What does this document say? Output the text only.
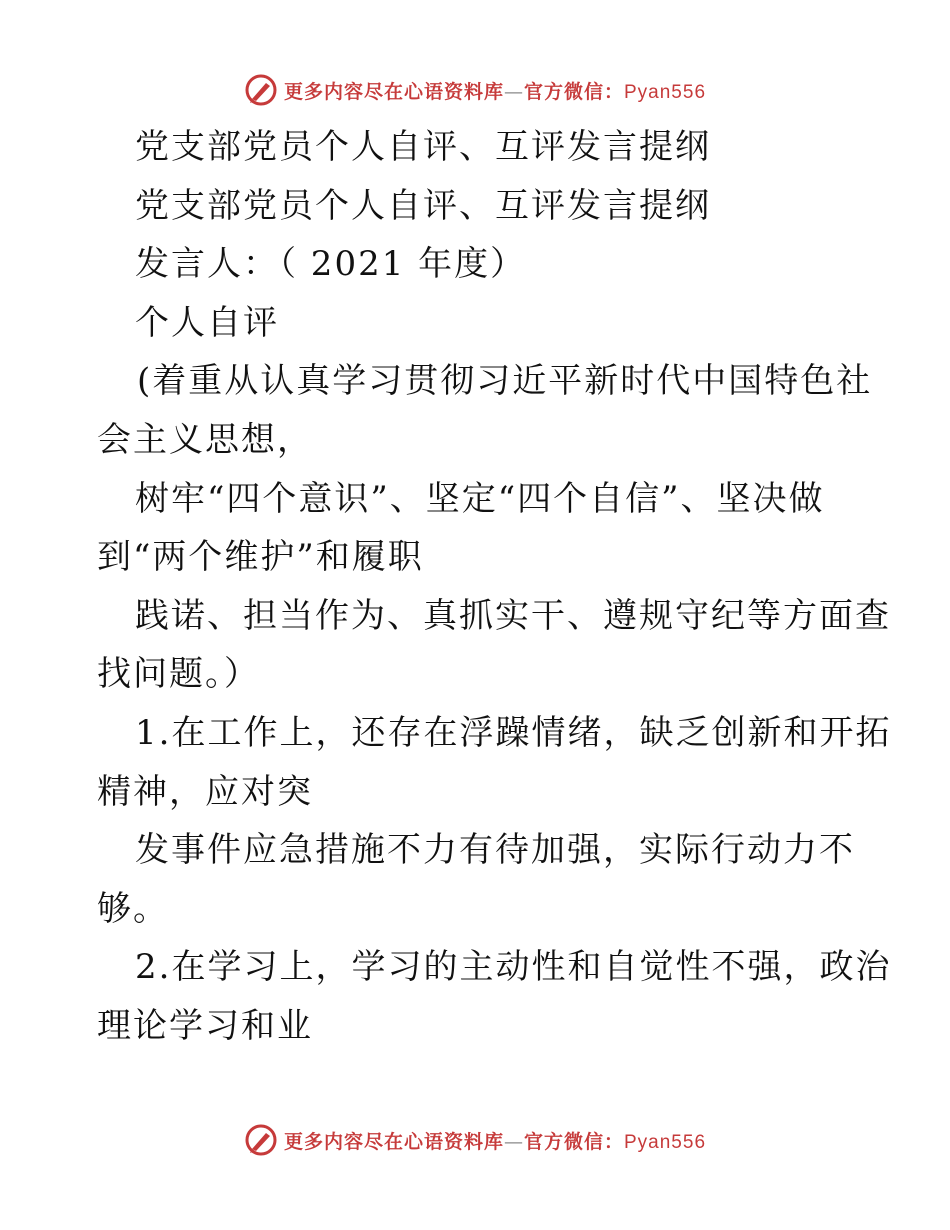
更多内容尽在心语资料库—官方微信：Pyan556
党支部党员个人自评、互评发言提纲
党支部党员个人自评、互评发言提纲
发言人：（ 2021 年度）
个人自评
(着重从认真学习贯彻习近平新时代中国特色社
会主义思想，
树牢“四个意识”、坚定“四个自信”、坚决做
到“两个维护”和履职
践诺、担当作为、真抓实干、遵规守纪等方面查
找问题。）
1.在工作上，还存在浮躁情绪，缺乏创新和开拓
精神，应对突
发事件应急措施不力有待加强，实际行动力不
够。
2.在学习上，学习的主动性和自觉性不强，政治
理论学习和业
更多内容尽在心语资料库—官方微信：Pyan556
